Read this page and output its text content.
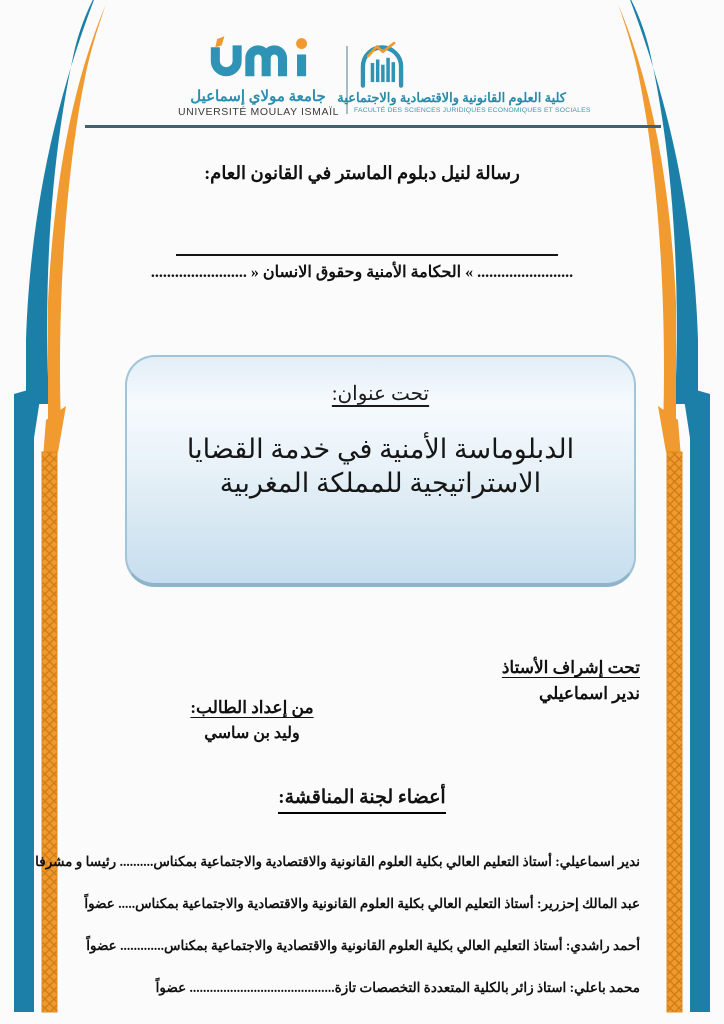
جامعة مولاي إسماعيل
UNIVERSITÉ MOULAY ISMAÏL
كلية العلوم القانونية والاقتصادية والاجتماعية
FACULTÉ DES SCIENCES JURIDIQUES ECONOMIQUES ET SOCIALES
رسالة لنيل دبلوم الماستر في القانون العام:
........................ » الحكامة الأمنية وحقوق الانسان « ........................
تحت عنوان:
الدبلوماسة الأمنية في خدمة القضايا الاستراتيجية للمملكة المغربية
تحت إشراف الأستاذ
ندير اسماعيلي
من إعداد الطالب:
وليد بن ساسي
أعضاء لجنة المناقشة:
ندير اسماعيلي: أستاذ التعليم العالي بكلية العلوم القانونية والاقتصادية والاجتماعية بمكناس.......... رئيسا و مشرفا
عبد المالك إحزرير: أستاذ التعليم العالي بكلية العلوم القانونية والاقتصادية والاجتماعية بمكناس..... عضواً
أحمد راشدي: أستاذ التعليم العالي بكلية العلوم القانونية والاقتصادية والاجتماعية بمكناس............. عضواً
محمد باعلي: استاذ زائر بالكلية المتعددة التخصصات تازة........................................... عضواً
